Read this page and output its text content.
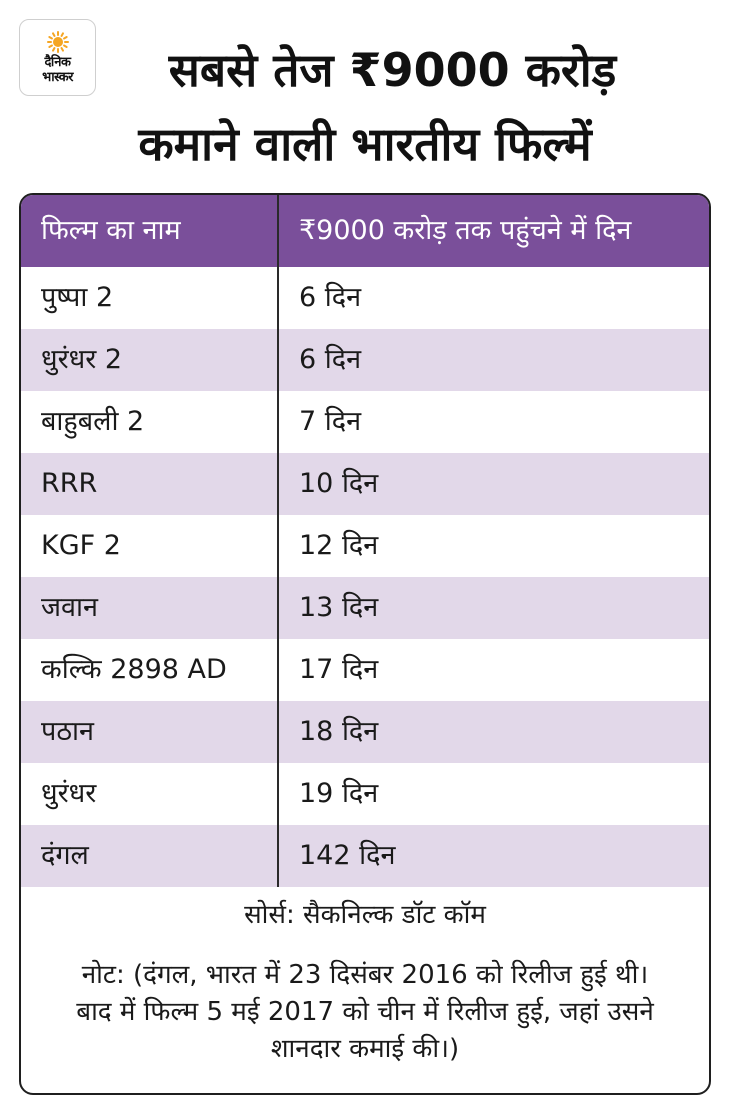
दैनिक
भास्कर	सबसे तेज ₹9000 करोड़
कमाने वाली भारतीय फिल्में
फिल्म का नाम	₹9000 करोड़ तक पहुंचने में दिन
पुष्पा 2	6 दिन
धुरंधर 2	6 दिन
बाहुबली 2	7 दिन
RRR	10 दिन
KGF 2	12 दिन
जवान	13 दिन
कल्कि 2898 AD	17 दिन
पठान	18 दिन
धुरंधर	19 दिन
दंगल	142 दिन
सोर्स: सैकनिल्क डॉट कॉम
नोट: (दंगल, भारत में 23 दिसंबर 2016 को रिलीज हुई थी।
बाद में फिल्म 5 मई 2017 को चीन में रिलीज हुई, जहां उसने
शानदार कमाई की।)
